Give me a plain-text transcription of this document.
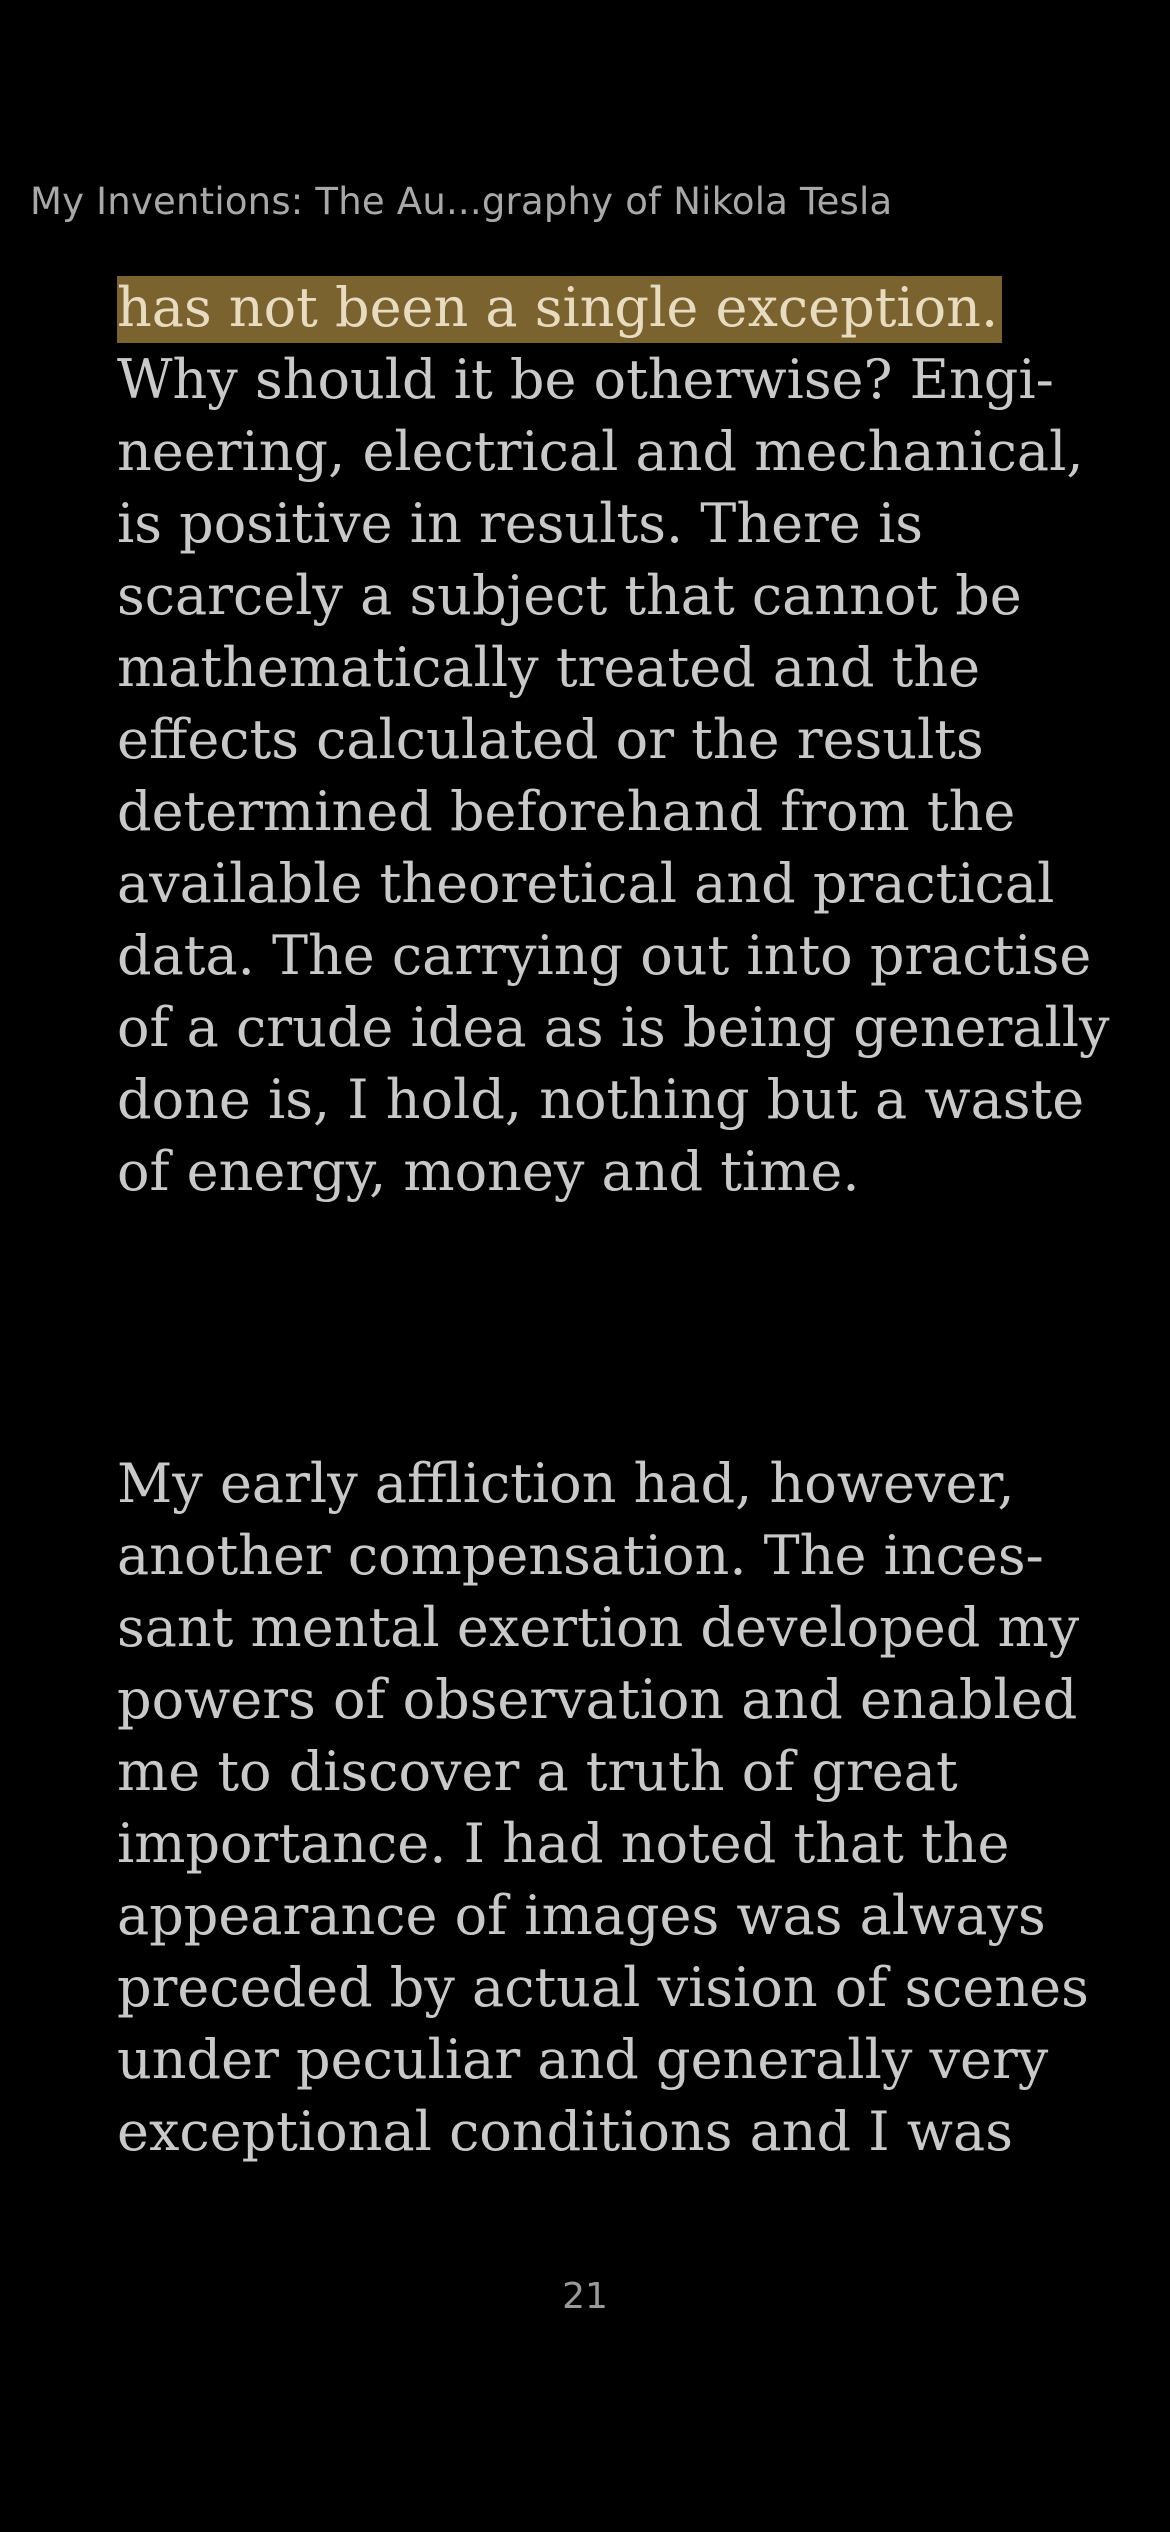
My Inventions: The Au...graphy of Nikola Tesla

has not been a single exception.
Why should it be otherwise? Engi-
neering, electrical and mechanical,
is positive in results. There is
scarcely a subject that cannot be
mathematically treated and the
effects calculated or the results
determined beforehand from the
available theoretical and practical
data. The carrying out into practise
of a crude idea as is being generally
done is, I hold, nothing but a waste
of energy, money and time.

My early affliction had, however,
another compensation. The inces-
sant mental exertion developed my
powers of observation and enabled
me to discover a truth of great
importance. I had noted that the
appearance of images was always
preceded by actual vision of scenes
under peculiar and generally very
exceptional conditions and I was

21
